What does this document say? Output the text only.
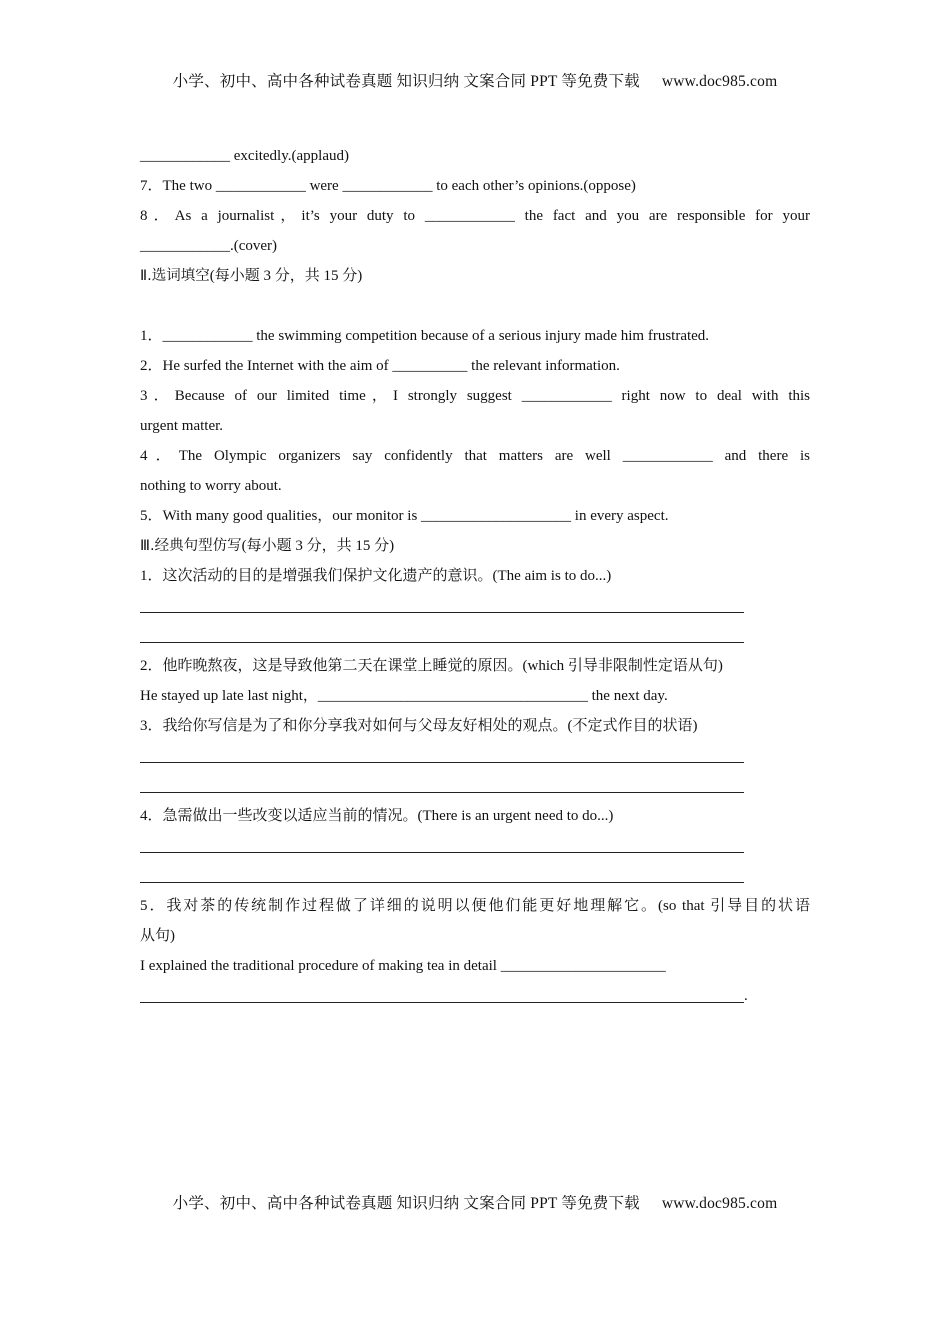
小学、初中、高中各种试卷真题 知识归纳 文案合同 PPT 等免费下载 www.doc985.com
____________ excitedly.(applaud)
7．The two ____________ were ____________ to each other’s opinions.(oppose)
8．As a journalist，it’s your duty to ____________ the fact and you are responsible for your
____________.(cover)
Ⅱ.选词填空(每小题 3 分，共 15 分)
1．____________ the swimming competition because of a serious injury made him frustrated.
2．He surfed the Internet with the aim of __________ the relevant information.
3．Because of our limited time，I strongly suggest ____________ right now to deal with this
urgent matter.
4．The Olympic organizers say confidently that matters are well ____________ and there is
nothing to worry about.
5．With many good qualities，our monitor is ____________________ in every aspect.
Ⅲ.经典句型仿写(每小题 3 分，共 15 分)
1．这次活动的目的是增强我们保护文化遗产的意识。(The aim is to do...)
2．他昨晚熬夜，这是导致他第二天在课堂上睡觉的原因。(which 引导非限制性定语从句)
He stayed up late last night，____________________________________ the next day.
3．我给你写信是为了和你分享我对如何与父母友好相处的观点。(不定式作目的状语)
4．急需做出一些改变以适应当前的情况。(There is an urgent need to do...)
5．我对茶的传统制作过程做了详细的说明以便他们能更好地理解它。(so that 引导目的状语
从句)
I explained the traditional procedure of making tea in detail ______________________
.
小学、初中、高中各种试卷真题 知识归纳 文案合同 PPT 等免费下载 www.doc985.com
